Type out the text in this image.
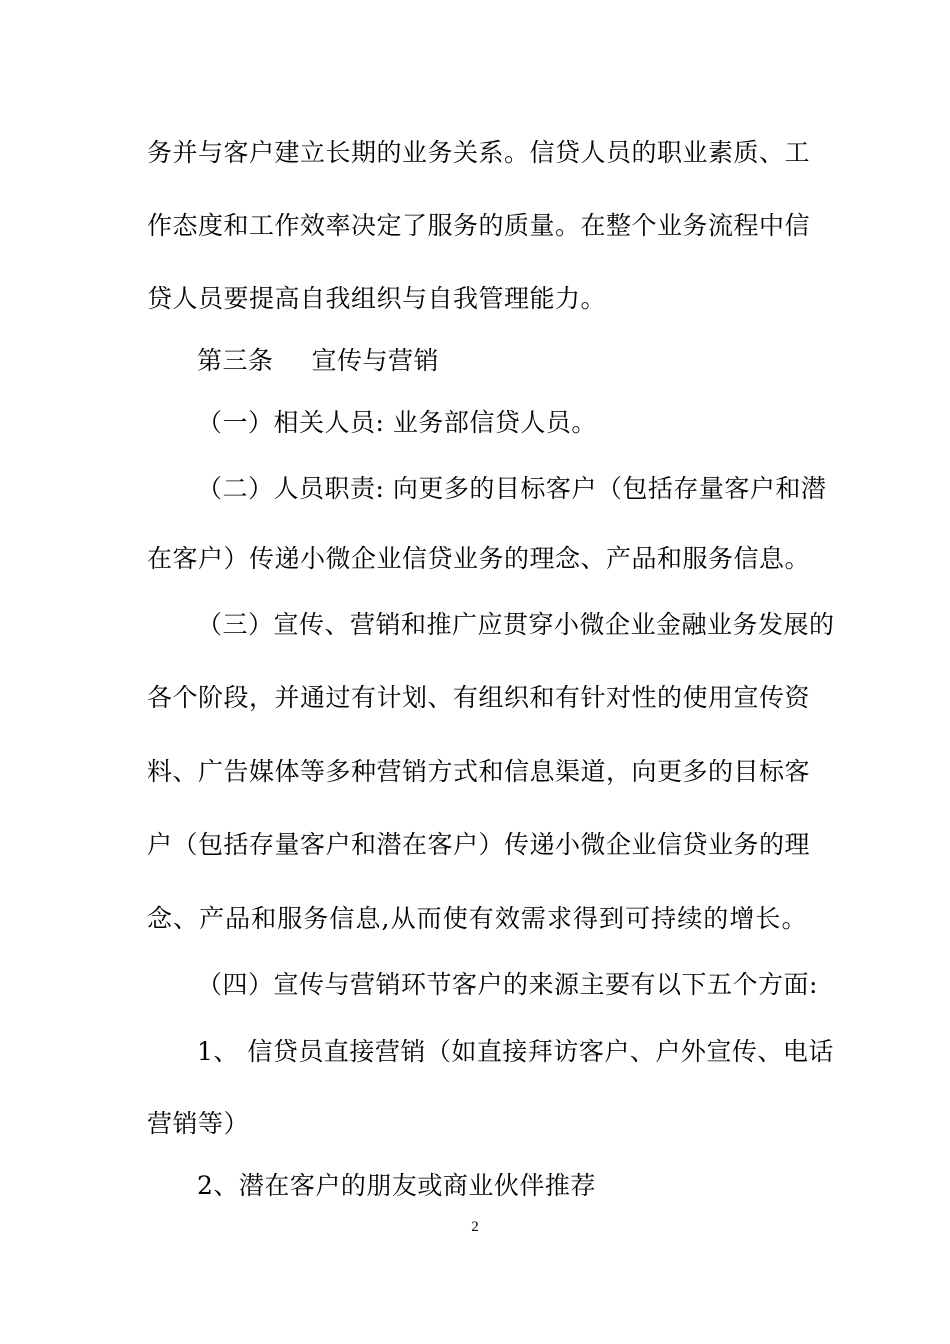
务并与客户建立长期的业务关系。信贷人员的职业素质、工
作态度和工作效率决定了服务的质量。在整个业务流程中信
贷人员要提高自我组织与自我管理能力。
第三条 宣传与营销
（一）相关人员: 业务部信贷人员。
（二）人员职责: 向更多的目标客户（包括存量客户和潜
在客户）传递小微企业信贷业务的理念、产品和服务信息。
（三）宣传、营销和推广应贯穿小微企业金融业务发展的
各个阶段，并通过有计划、有组织和有针对性的使用宣传资
料、广告媒体等多种营销方式和信息渠道，向更多的目标客
户（包括存量客户和潜在客户）传递小微企业信贷业务的理
念、产品和服务信息,从而使有效需求得到可持续的增长。
（四）宣传与营销环节客户的来源主要有以下五个方面:
1、 信贷员直接营销（如直接拜访客户、户外宣传、电话
营销等）
2、潜在客户的朋友或商业伙伴推荐
2
